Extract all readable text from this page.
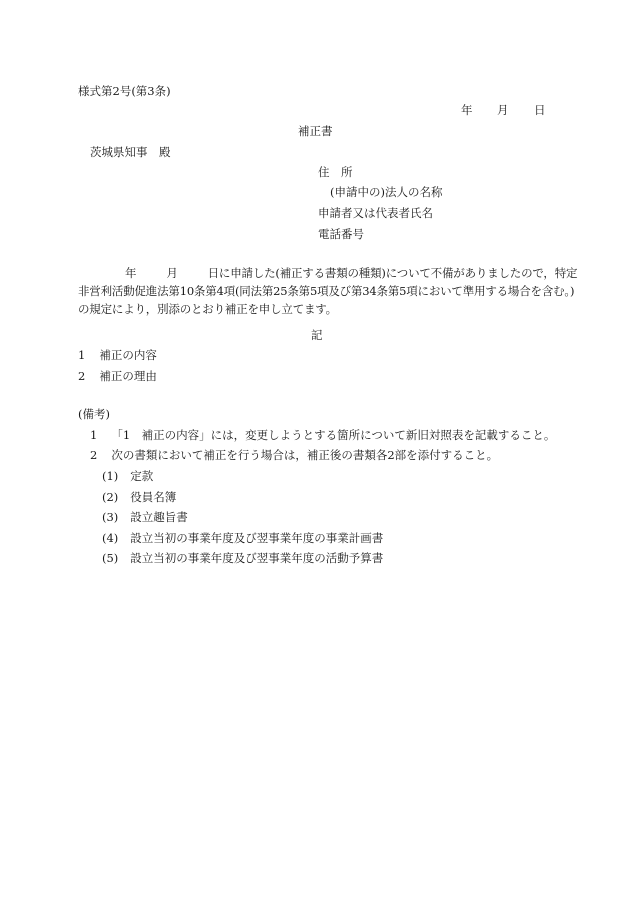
様式第2号(第3条)
年 月 日
補正書
茨城県知事　殿
住　所
(申請中の)法人の名称
申請者又は代表者氏名
電話番号
年	月	日に申請した(補正する書類の種類)について不備がありましたので，特定非営利活動促進法第10条第4項(同法第25条第5項及び第34条第5項において準用する場合を含む。)の規定により，別添のとおり補正を申し立てます。
記
1 補正の内容
2 補正の理由
(備考)
1 「1　補正の内容」には，変更しようとする箇所について新旧対照表を記載すること。
2 次の書類において補正を行う場合は，補正後の書類各2部を添付すること。
(1) 定款
(2) 役員名簿
(3) 設立趣旨書
(4) 設立当初の事業年度及び翌事業年度の事業計画書
(5) 設立当初の事業年度及び翌事業年度の活動予算書
